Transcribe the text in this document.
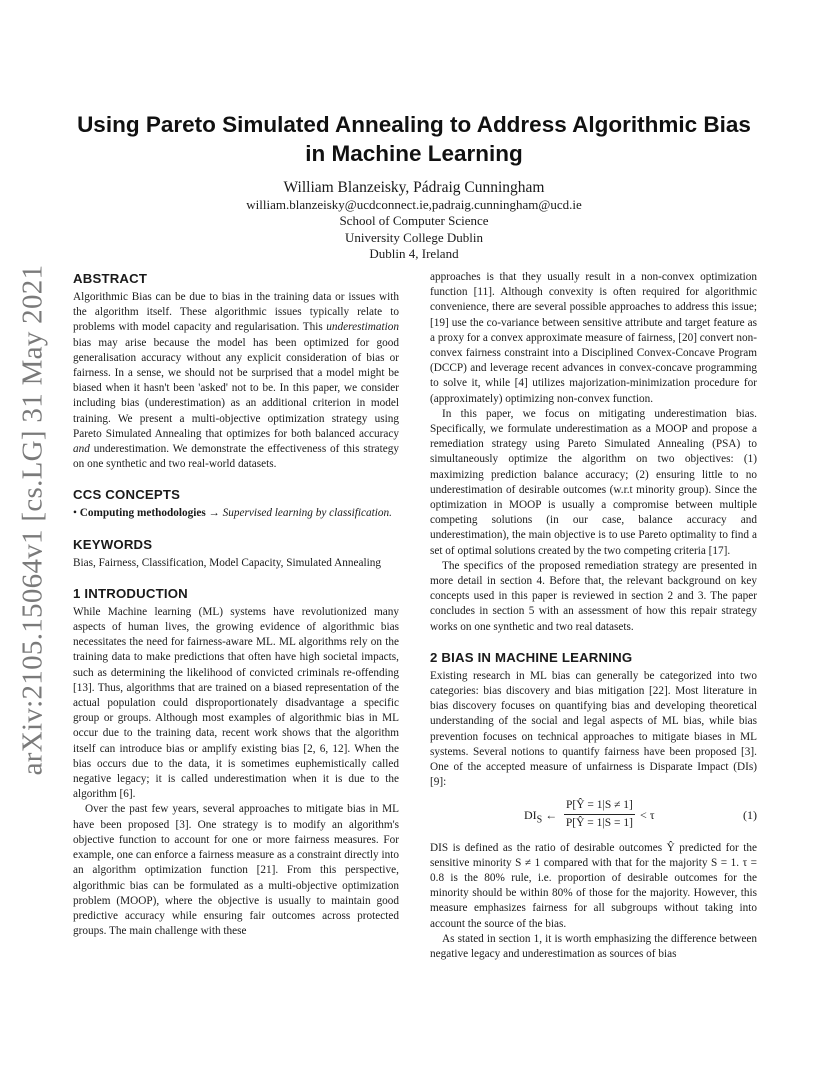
arXiv:2105.15064v1 [cs.LG] 31 May 2021
Using Pareto Simulated Annealing to Address Algorithmic Bias
in Machine Learning
William Blanzeisky, Pádraig Cunningham
william.blanzeisky@ucdconnect.ie,padraig.cunningham@ucd.ie
School of Computer Science
University College Dublin
Dublin 4, Ireland
ABSTRACT

Algorithmic Bias can be due to bias in the training data or issues with the algorithm itself. These algorithmic issues typically relate to problems with model capacity and regularisation. This underestimation bias may arise because the model has been optimized for good generalisation accuracy without any explicit consideration of bias or fairness. In a sense, we should not be surprised that a model might be biased when it hasn't been 'asked' not to be. In this paper, we consider including bias (underestimation) as an additional criterion in model training. We present a multi-objective optimization strategy using Pareto Simulated Annealing that optimizes for both balanced accuracy and underestimation. We demonstrate the effectiveness of this strategy on one synthetic and two real-world datasets.

CCS CONCEPTS

• Computing methodologies → Supervised learning by classification.

KEYWORDS

Bias, Fairness, Classification, Model Capacity, Simulated Annealing

1 INTRODUCTION

While Machine learning (ML) systems have revolutionized many aspects of human lives, the growing evidence of algorithmic bias necessitates the need for fairness-aware ML. ML algorithms rely on the training data to make predictions that often have high societal impacts, such as determining the likelihood of convicted criminals re-offending [13]. Thus, algorithms that are trained on a biased representation of the actual population could disproportionately disadvantage a specific group or groups. Although most examples of algorithmic bias in ML occur due to the training data, recent work shows that the algorithm itself can introduce bias or amplify existing bias [2, 6, 12]. When the bias occurs due to the data, it is sometimes euphemistically called negative legacy; it is called underestimation when it is due to the algorithm [6].

Over the past few years, several approaches to mitigate bias in ML have been proposed [3]. One strategy is to modify an algorithm's objective function to account for one or more fairness measures. For example, one can enforce a fairness measure as a constraint directly into an algorithm optimization function [21]. From this perspective, algorithmic bias can be formulated as a multi-objective optimization problem (MOOP), where the objective is usually to maintain good predictive accuracy while ensuring fair outcomes across protected groups. The main challenge with these

approaches is that they usually result in a non-convex optimization function [11]. Although convexity is often required for algorithmic convenience, there are several possible approaches to address this issue; [19] use the co-variance between sensitive attribute and target feature as a proxy for a convex approximate measure of fairness, [20] convert non-convex fairness constraint into a Disciplined Convex-Concave Program (DCCP) and leverage recent advances in convex-concave programming to solve it, while [4] utilizes majorization-minimization procedure for (approximately) optimizing non-convex function.

In this paper, we focus on mitigating underestimation bias. Specifically, we formulate underestimation as a MOOP and propose a remediation strategy using Pareto Simulated Annealing (PSA) to simultaneously optimize the algorithm on two objectives: (1) maximizing prediction balance accuracy; (2) ensuring little to no underestimation of desirable outcomes (w.r.t minority group). Since the optimization in MOOP is usually a compromise between multiple competing solutions (in our case, balance accuracy and underestimation), the main objective is to use Pareto optimality to find a set of optimal solutions created by the two competing criteria [17].

The specifics of the proposed remediation strategy are presented in more detail in section 4. Before that, the relevant background on key concepts used in this paper is reviewed in section 2 and 3. The paper concludes in section 5 with an assessment of how this repair strategy works on one synthetic and two real datasets.

2 BIAS IN MACHINE LEARNING

Existing research in ML bias can generally be categorized into two categories: bias discovery and bias mitigation [22]. Most literature in bias discovery focuses on quantifying bias and developing theoretical understanding of the social and legal aspects of ML bias, while bias prevention focuses on technical approaches to mitigate biases in ML systems. Several notions to quantify fairness have been proposed [3]. One of the accepted measure of unfairness is Disparate Impact (DIs) [9]:

$DI_S$ ← $\frac{P[Ŷ = 1|S \ne 1]}{P[Ŷ = 1|S = 1]} < \tau$	(1)

DIS is defined as the ratio of desirable outcomes Ŷ predicted for the sensitive minority S ≠ 1 compared with that for the majority S = 1. τ = 0.8 is the 80% rule, i.e. proportion of desirable outcomes for the minority should be within 80% of those for the majority. However, this measure emphasizes fairness for all subgroups without taking into account the source of the bias.

As stated in section 1, it is worth emphasizing the difference between negative legacy and underestimation as sources of bias
